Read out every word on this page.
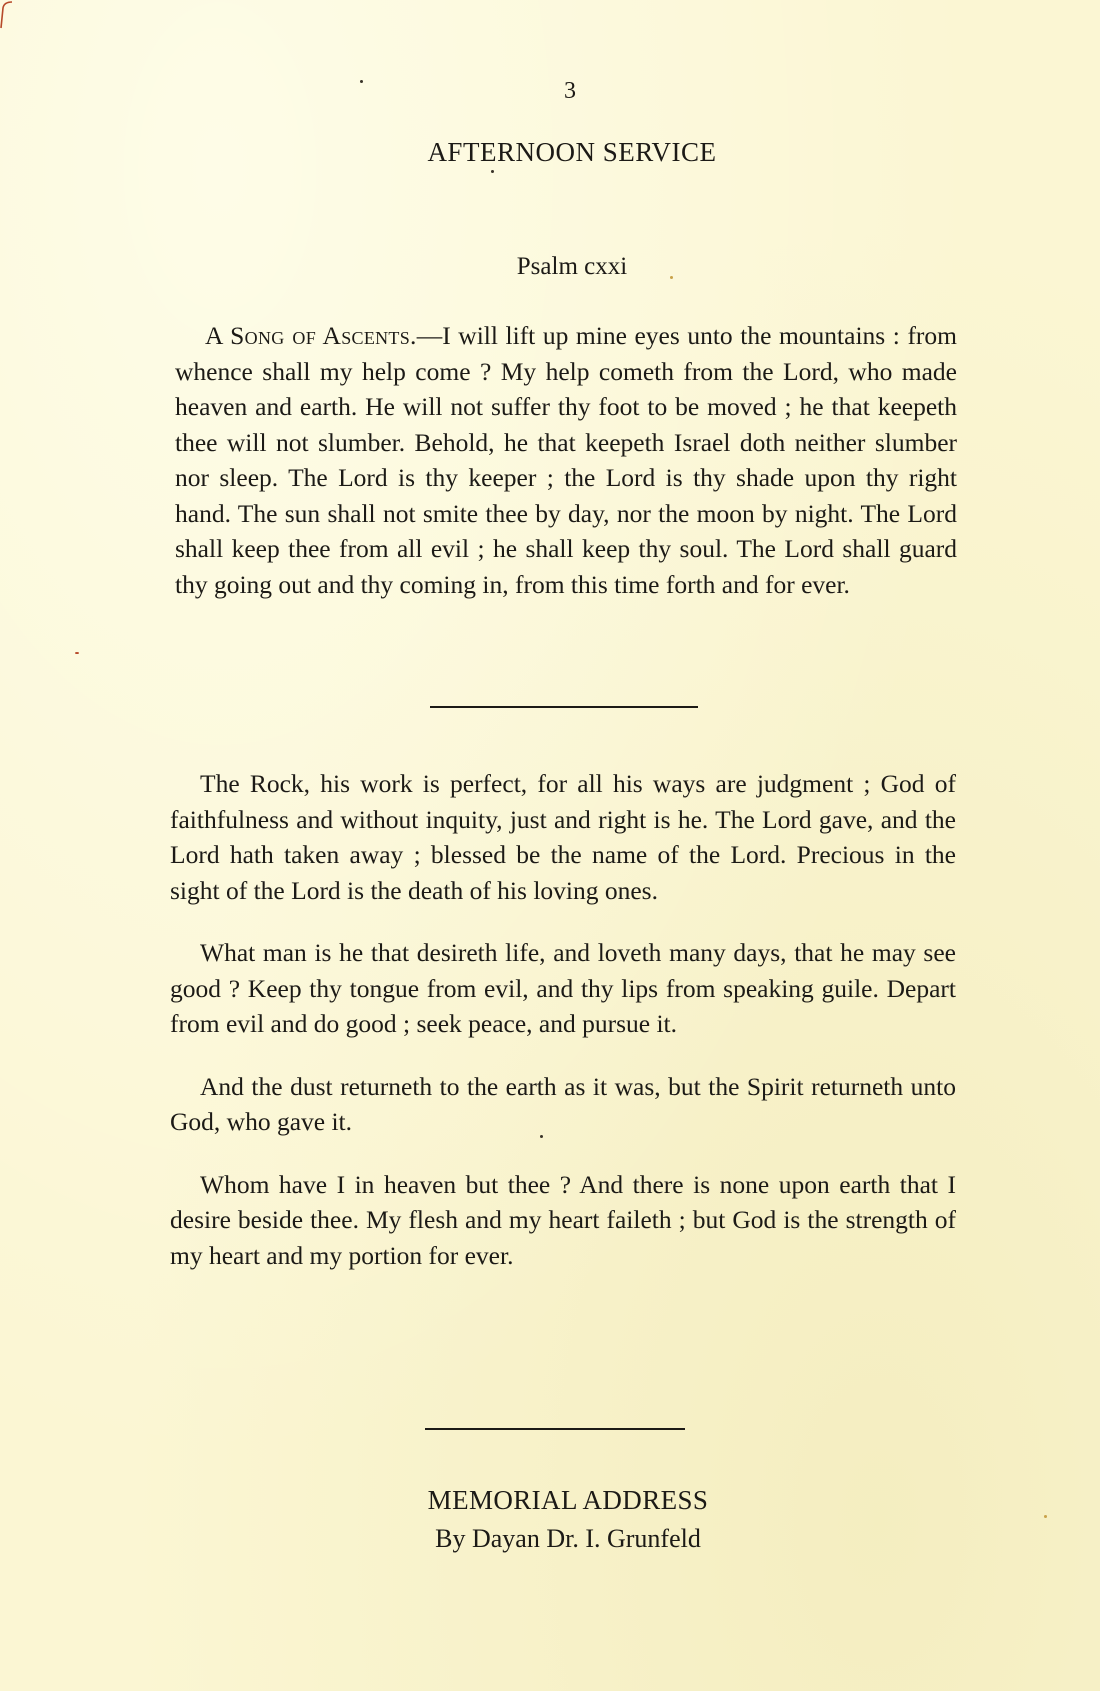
3
AFTERNOON SERVICE
Psalm cxxi

A Song of Ascents.—I will lift up mine eyes unto the mountains : from whence shall my help come ? My help cometh from the Lord, who made heaven and earth. He will not suffer thy foot to be moved ; he that keepeth thee will not slumber. Behold, he that keepeth Israel doth neither slumber nor sleep. The Lord is thy keeper ; the Lord is thy shade upon thy right hand. The sun shall not smite thee by day, nor the moon by night. The Lord shall keep thee from all evil ; he shall keep thy soul. The Lord shall guard thy going out and thy coming in, from this time forth and for ever.

The Rock, his work is perfect, for all his ways are judgment ; God of faithfulness and without inquity, just and right is he. The Lord gave, and the Lord hath taken away ; blessed be the name of the Lord. Precious in the sight of the Lord is the death of his loving ones.

What man is he that desireth life, and loveth many days, that he may see good ? Keep thy tongue from evil, and thy lips from speaking guile. Depart from evil and do good ; seek peace, and pursue it.

And the dust returneth to the earth as it was, but the Spirit returneth unto God, who gave it.

Whom have I in heaven but thee ? And there is none upon earth that I desire beside thee. My flesh and my heart faileth ; but God is the strength of my heart and my portion for ever.

MEMORIAL ADDRESS
By Dayan Dr. I. Grunfeld
